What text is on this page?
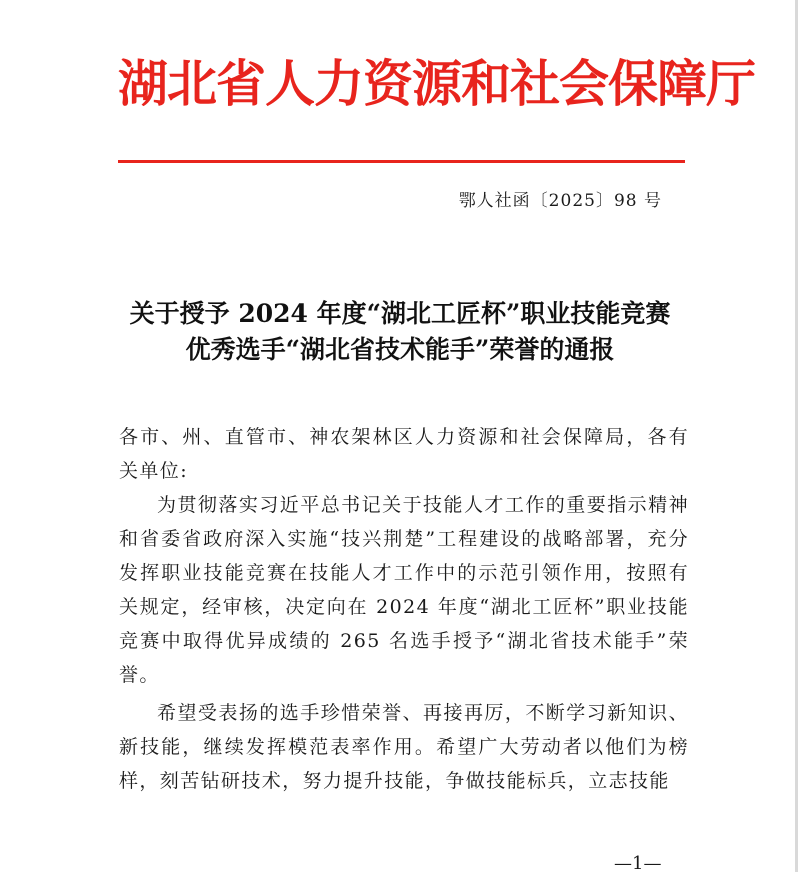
湖北省人力资源和社会保障厅
鄂人社函〔2025〕98 号
关于授予 2024 年度“湖北工匠杯”职业技能竞赛
优秀选手“湖北省技术能手”荣誉的通报

各市、州、直管市、神农架林区人力资源和社会保障局，各有关单位:

为贯彻落实习近平总书记关于技能人才工作的重要指示精神和省委省政府深入实施“技兴荆楚”工程建设的战略部署，充分发挥职业技能竞赛在技能人才工作中的示范引领作用，按照有关规定，经审核，决定向在 2024 年度“湖北工匠杯”职业技能竞赛中取得优异成绩的 265 名选手授予“湖北省技术能手”荣誉。

希望受表扬的选手珍惜荣誉、再接再厉，不断学习新知识、新技能，继续发挥模范表率作用。希望广大劳动者以他们为榜样，刻苦钻研技术，努力提升技能，争做技能标兵，立志技能

—1—
